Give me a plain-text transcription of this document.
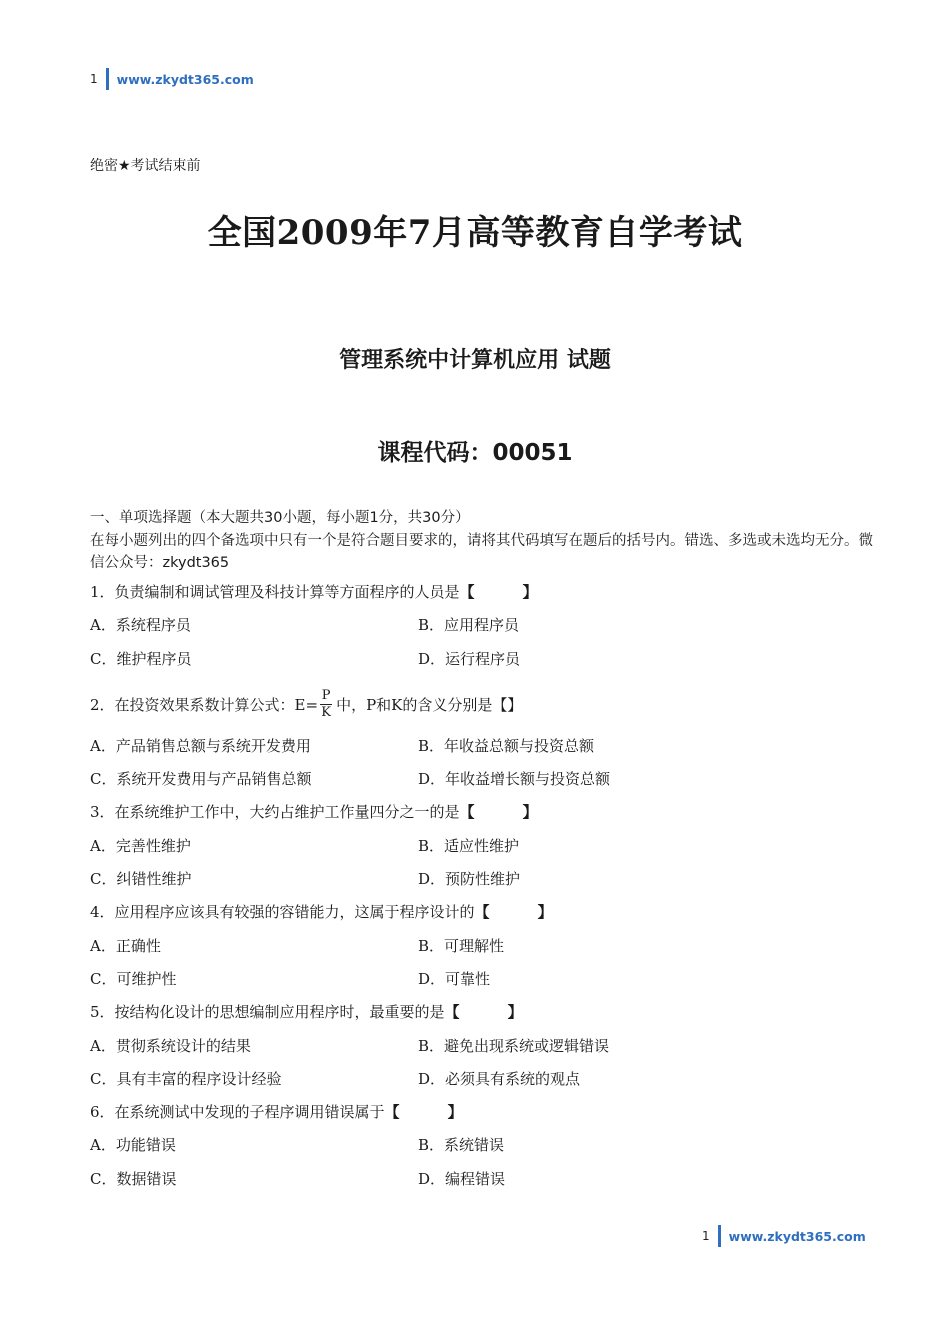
1 www.zkydt365.com
绝密★考试结束前
全国2009年7月高等教育自学考试
管理系统中计算机应用 试题
课程代码：00051
一、单项选择题（本大题共30小题，每小题1分，共30分）
在每小题列出的四个备选项中只有一个是符合题目要求的，请将其代码填写在题后的括号内。错选、多选或未选均无分。微信公众号：zkydt365
1．负责编制和调试管理及科技计算等方面程序的人员是【	】
A．系统程序员	B．应用程序员
C．维护程序员	D．运行程序员
2．在投资效果系数计算公式：$E= \frac{P}{K}$ 中，P和K的含义分别是 【 】
A．产品销售总额与系统开发费用	B．年收益总额与投资总额
C．系统开发费用与产品销售总额	D．年收益增长额与投资总额
3．在系统维护工作中，大约占维护工作量四分之一的是【	】
A．完善性维护	B．适应性维护
C．纠错性维护	D．预防性维护
4．应用程序应该具有较强的容错能力，这属于程序设计的【	】
A．正确性	B．可理解性
C．可维护性	D．可靠性
5．按结构化设计的思想编制应用程序时，最重要的是【	】
A．贯彻系统设计的结果	B．避免出现系统或逻辑错误
C．具有丰富的程序设计经验	D．必须具有系统的观点
6．在系统测试中发现的子程序调用错误属于【	】
A．功能错误	B．系统错误
C．数据错误	D．编程错误
1 www.zkydt365.com
